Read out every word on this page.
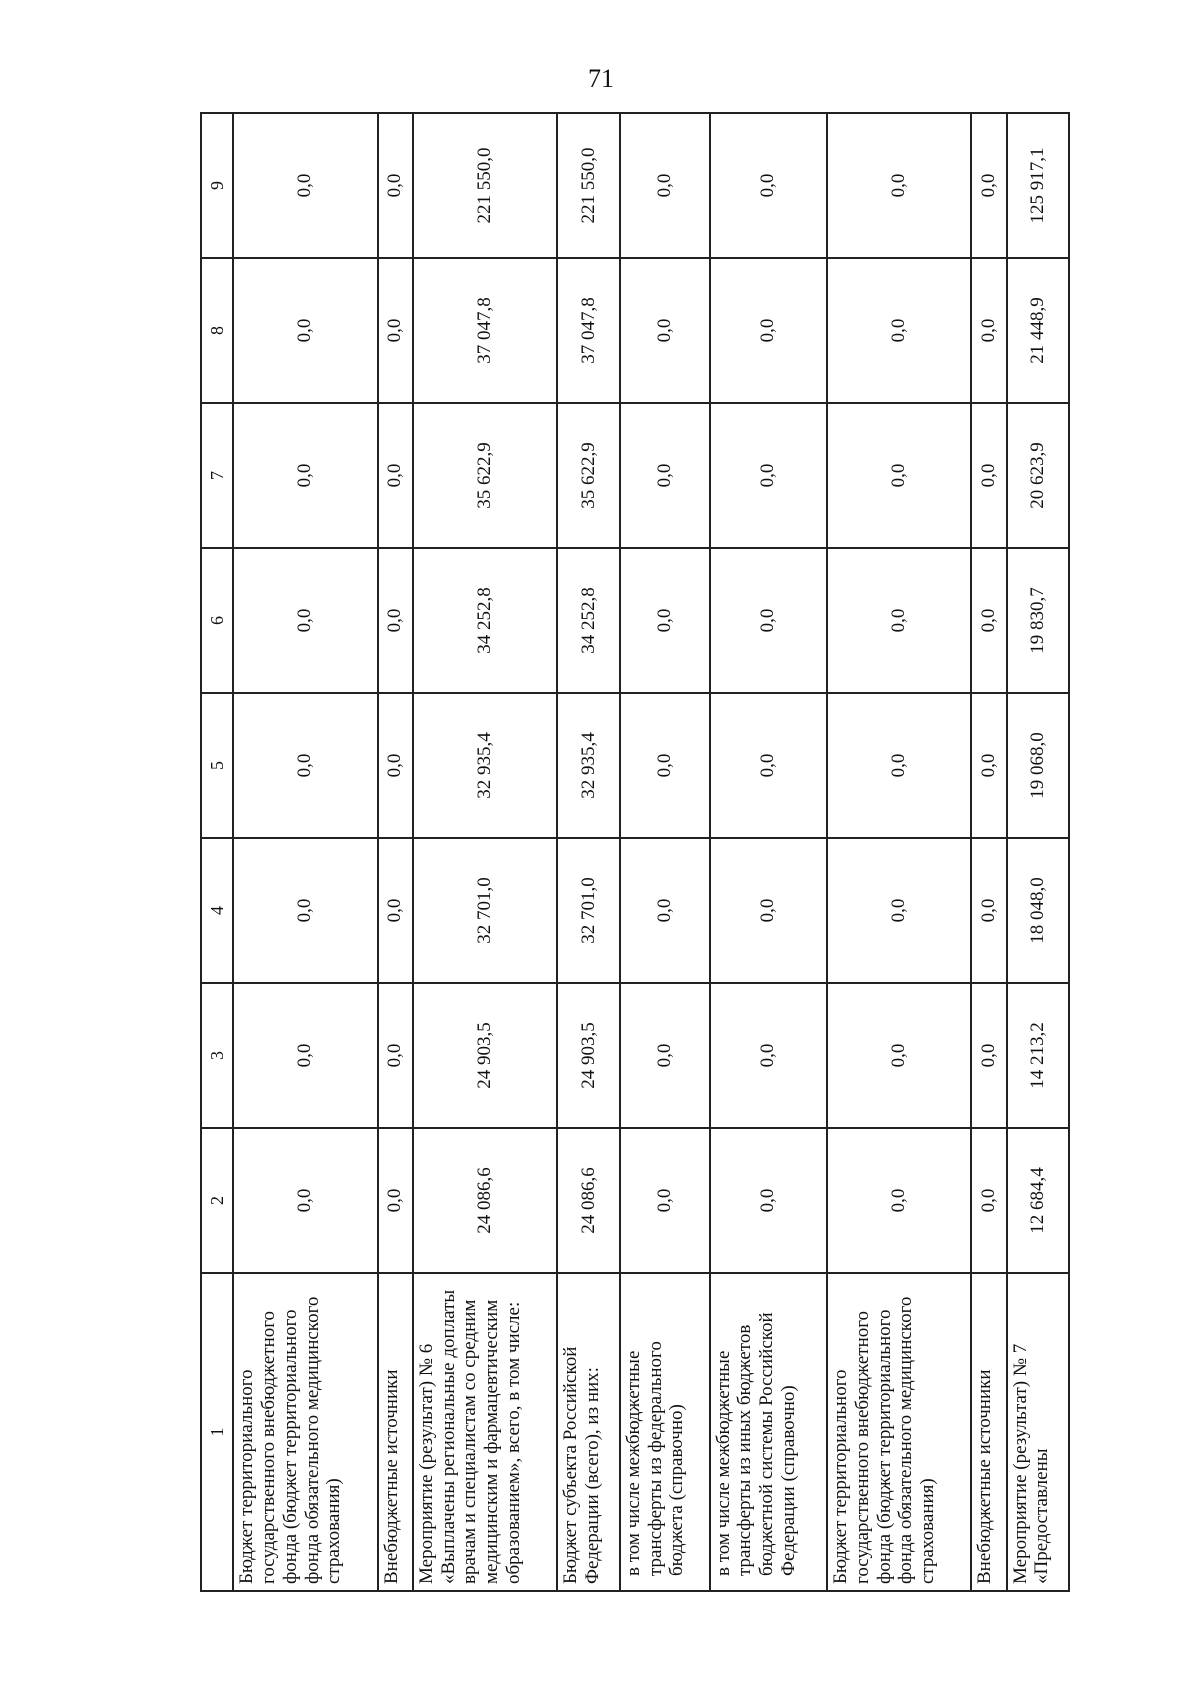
71
1	2	3	4	5	6	7	8	9
Бюджет территориального государственного внебюджетного фонда (бюджет территориального фонда обязательного медицинского страхования)	0,0	0,0	0,0	0,0	0,0	0,0	0,0	0,0
Внебюджетные источники	0,0	0,0	0,0	0,0	0,0	0,0	0,0	0,0
Мероприятие (результат) № 6 «Выплачены региональные доплаты врачам и специалистам со средним медицинским и фармацевтическим образованием», всего, в том числе:	24 086,6	24 903,5	32 701,0	32 935,4	34 252,8	35 622,9	37 047,8	221 550,0
Бюджет субъекта Российской Федерации (всего), из них:	24 086,6	24 903,5	32 701,0	32 935,4	34 252,8	35 622,9	37 047,8	221 550,0
в том числе межбюджетные трансферты из федерального бюджета (справочно)	0,0	0,0	0,0	0,0	0,0	0,0	0,0	0,0
в том числе межбюджетные трансферты из иных бюджетов бюджетной системы Российской Федерации (справочно)	0,0	0,0	0,0	0,0	0,0	0,0	0,0	0,0
Бюджет территориального государственного внебюджетного фонда (бюджет территориального фонда обязательного медицинского страхования)	0,0	0,0	0,0	0,0	0,0	0,0	0,0	0,0
Внебюджетные источники	0,0	0,0	0,0	0,0	0,0	0,0	0,0	0,0
Мероприятие (результат) № 7 «Предоставлены	12 684,4	14 213,2	18 048,0	19 068,0	19 830,7	20 623,9	21 448,9	125 917,1
